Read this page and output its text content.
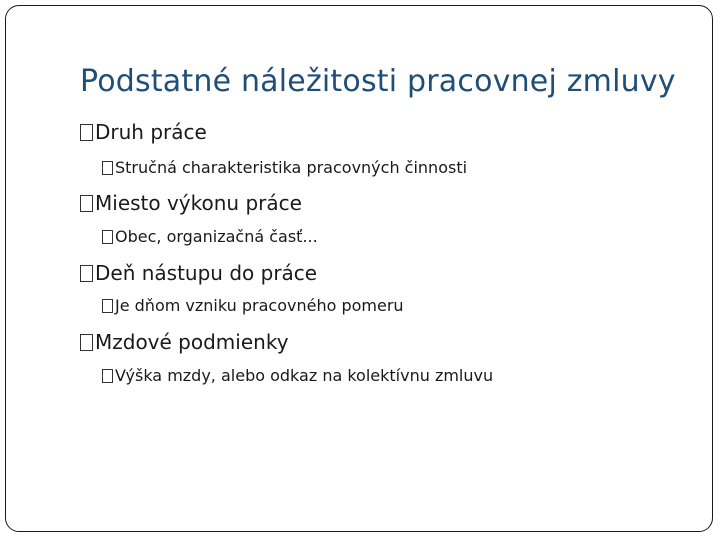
Podstatné náležitosti pracovnej zmluvy
Druh práce
Stručná charakteristika pracovných činnosti
Miesto výkonu práce
Obec, organizačná časť...
Deň nástupu do práce
Je dňom vzniku pracovného pomeru
Mzdové podmienky
Výška mzdy, alebo odkaz na kolektívnu zmluvu
